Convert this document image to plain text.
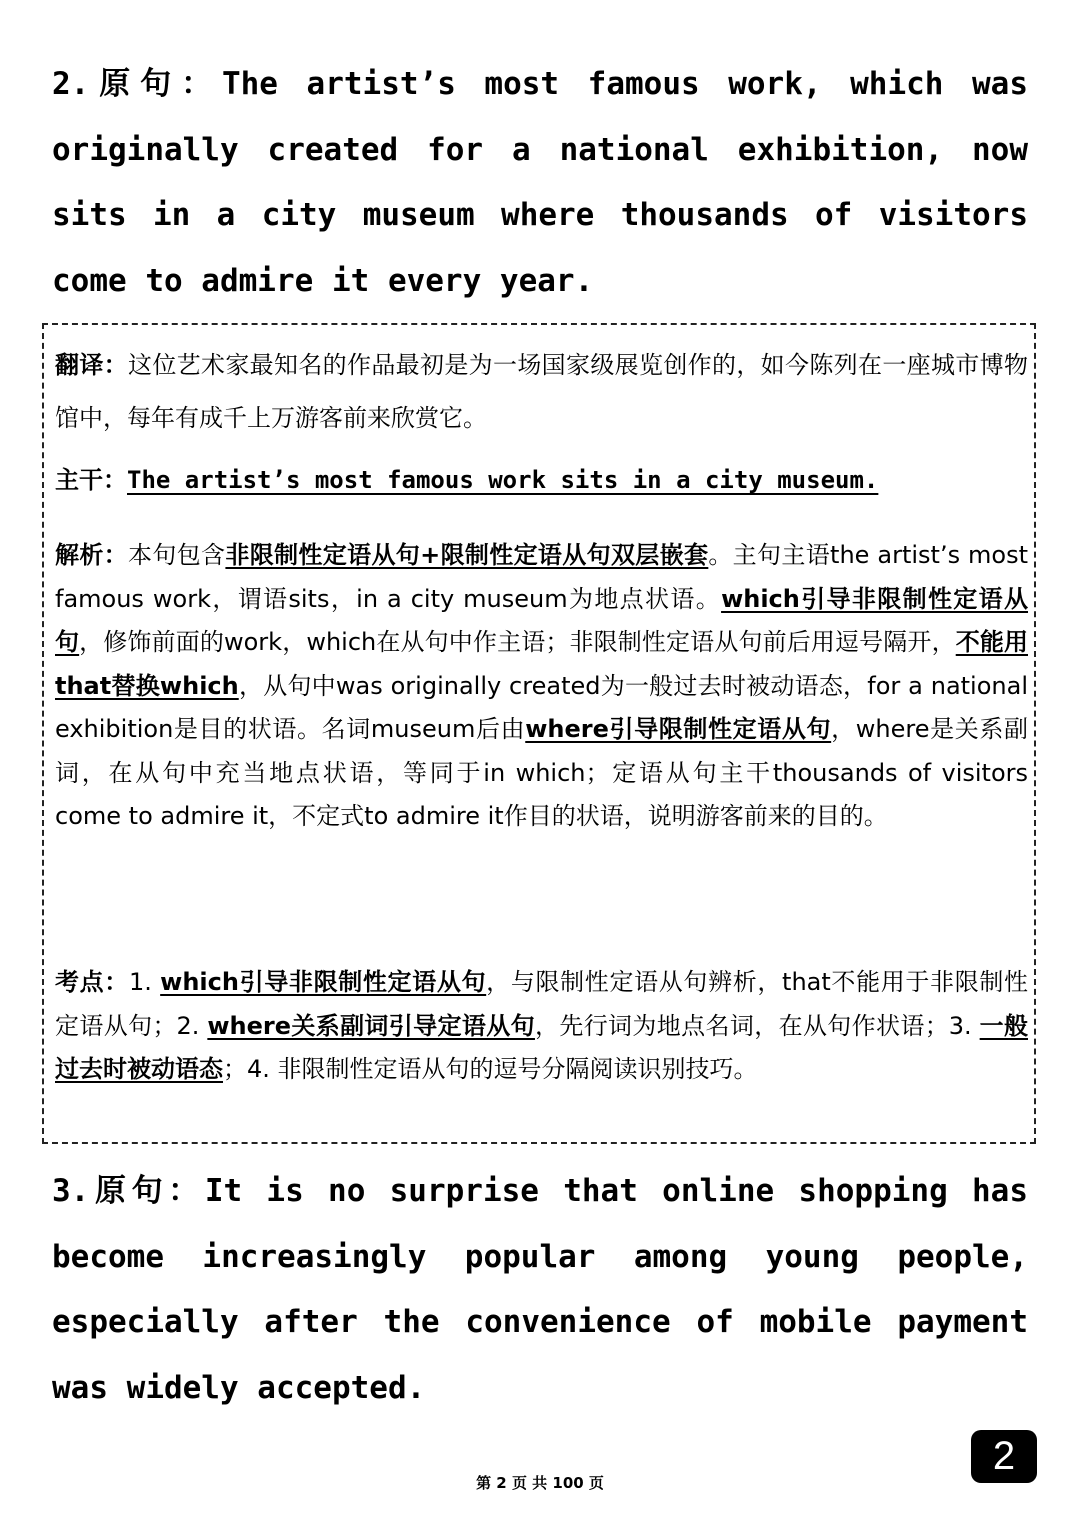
2.原句：The artist’s most famous work, which was originally created for a national exhibition, now sits in a city museum where thousands of visitors come to admire it every year.

翻译：这位艺术家最知名的作品最初是为一场国家级展览创作的，如今陈列在一座城市博物馆中，每年有成千上万游客前来欣赏它。

主干：The artist’s most famous work sits in a city museum.

解析：本句包含非限制性定语从句+限制性定语从句双层嵌套。主句主语the artist’s most famous work，谓语sits，in a city museum为地点状语。which引导非限制性定语从句，修饰前面的work，which在从句中作主语；非限制性定语从句前后用逗号隔开，不能用that替换which，从句中was originally created为一般过去时被动语态，for a national exhibition是目的状语。名词museum后由where引导限制性定语从句，where是关系副词，在从句中充当地点状语，等同于in which；定语从句主干thousands of visitors come to admire it，不定式to admire it作目的状语，说明游客前来的目的。

考点：1. which引导非限制性定语从句，与限制性定语从句辨析，that不能用于非限制性定语从句；2. where关系副词引导定语从句，先行词为地点名词，在从句作状语；3. 一般过去时被动语态；4. 非限制性定语从句的逗号分隔阅读识别技巧。

3.原句：It is no surprise that online shopping has become increasingly popular among young people, especially after the convenience of mobile payment was widely accepted.
2
第 2 页 共 100 页
